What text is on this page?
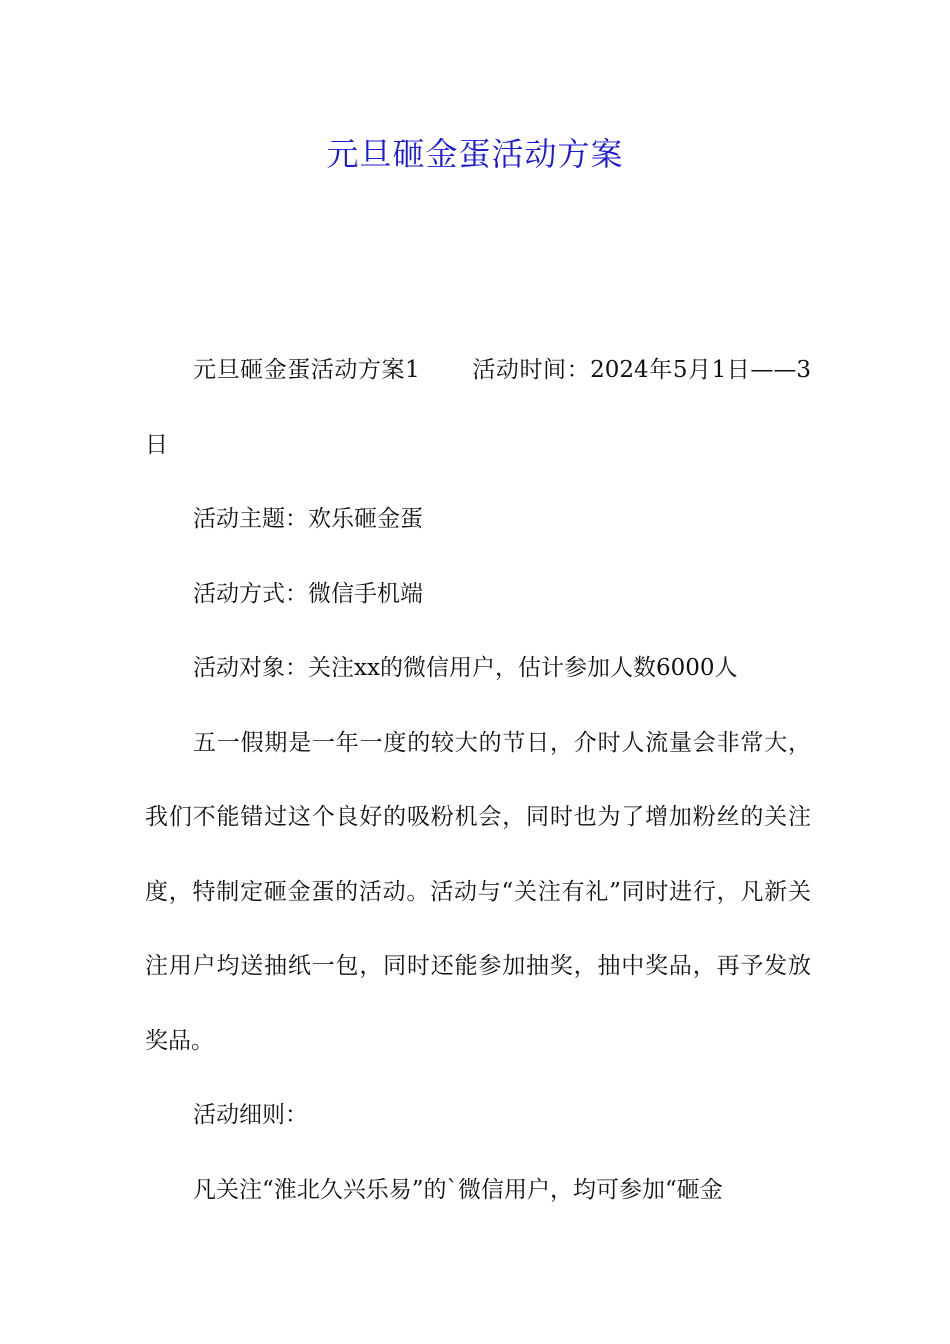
元旦砸金蛋活动方案

元旦砸金蛋活动方案1 活动时间：2024年5月1日——3日

活动主题：欢乐砸金蛋

活动方式：微信手机端

活动对象：关注xx的微信用户，估计参加人数6000人

五一假期是一年一度的较大的节日，介时人流量会非常大，我们不能错过这个良好的吸粉机会，同时也为了增加粉丝的关注度，特制定砸金蛋的活动。活动与“关注有礼”同时进行，凡新关注用户均送抽纸一包，同时还能参加抽奖，抽中奖品，再予发放奖品。

活动细则：

凡关注“淮北久兴乐易”的`微信用户，均可参加“砸金
